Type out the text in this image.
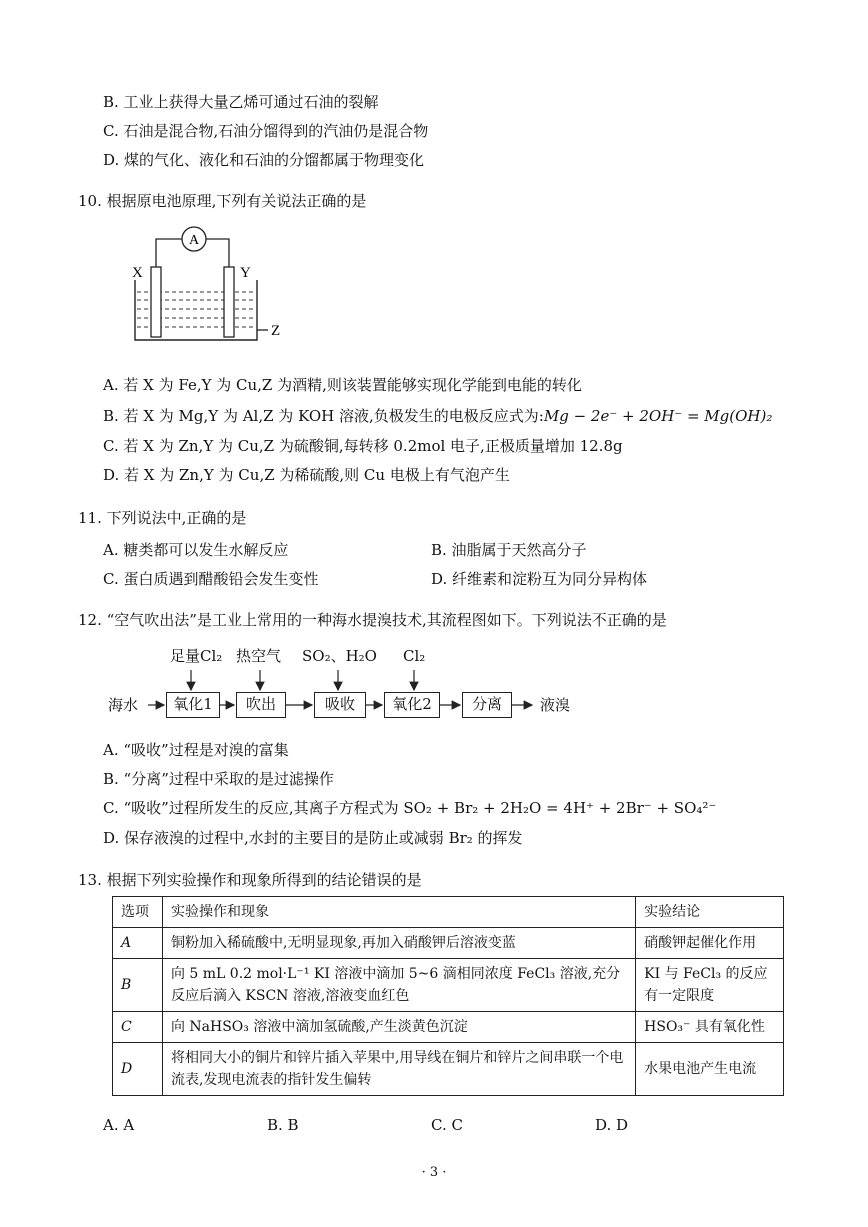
B. 工业上获得大量乙烯可通过石油的裂解
C. 石油是混合物,石油分馏得到的汽油仍是混合物
D. 煤的气化、液化和石油的分馏都属于物理变化
10. 根据原电池原理,下列有关说法正确的是
A
X	Y
Z
A. 若 X 为 Fe,Y 为 Cu,Z 为酒精,则该装置能够实现化学能到电能的转化
B. 若 X 为 Mg,Y 为 Al,Z 为 KOH 溶液,负极发生的电极反应式为:Mg − 2e⁻ + 2OH⁻ = Mg(OH)₂
C. 若 X 为 Zn,Y 为 Cu,Z 为硫酸铜,每转移 0.2mol 电子,正极质量增加 12.8g
D. 若 X 为 Zn,Y 为 Cu,Z 为稀硫酸,则 Cu 电极上有气泡产生
11. 下列说法中,正确的是
A. 糖类都可以发生水解反应	B. 油脂属于天然高分子
C. 蛋白质遇到醋酸铅会发生变性	D. 纤维素和淀粉互为同分异构体
12. “空气吹出法”是工业上常用的一种海水提溴技术,其流程图如下。下列说法不正确的是
足量Cl₂ 热空气 SO₂、H₂O Cl₂
海水	氧化1	吹出	吸收	氧化2	分离	液溴
A. “吸收”过程是对溴的富集
B. “分离”过程中采取的是过滤操作
C. “吸收”过程所发生的反应,其离子方程式为 SO₂ + Br₂ + 2H₂O = 4H⁺ + 2Br⁻ + SO₄²⁻
D. 保存液溴的过程中,水封的主要目的是防止或减弱 Br₂ 的挥发
13. 根据下列实验操作和现象所得到的结论错误的是
选项	实验操作和现象	实验结论
A	铜粉加入稀硫酸中,无明显现象,再加入硝酸钾后溶液变蓝	硝酸钾起催化作用
B	向 5 mL 0.2 mol·L⁻¹ KI 溶液中滴加 5~6 滴相同浓度 FeCl₃ 溶液,充分反应后滴入 KSCN 溶液,溶液变血红色	KI 与 FeCl₃ 的反应有一定限度
C	向 NaHSO₃ 溶液中滴加氢硫酸,产生淡黄色沉淀	HSO₃⁻ 具有氧化性
D	将相同大小的铜片和锌片插入苹果中,用导线在铜片和锌片之间串联一个电流表,发现电流表的指针发生偏转	水果电池产生电流
A. A	B. B	C. C	D. D
· 3 ·
